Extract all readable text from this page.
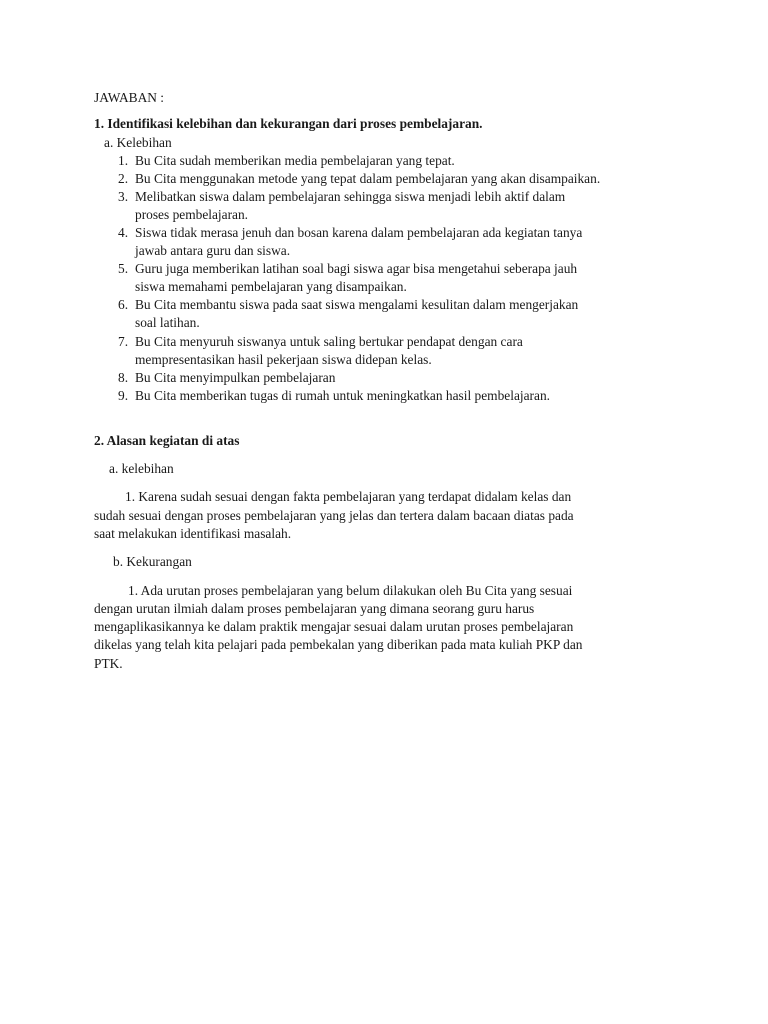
JAWABAN :
1. Identifikasi kelebihan dan kekurangan dari proses pembelajaran.
a. Kelebihan
1. Bu Cita sudah memberikan media pembelajaran yang tepat.
2. Bu Cita menggunakan metode yang tepat dalam pembelajaran yang akan disampaikan.
3. Melibatkan siswa dalam pembelajaran sehingga siswa menjadi lebih aktif dalam
proses pembelajaran.
4. Siswa tidak merasa jenuh dan bosan karena dalam pembelajaran ada kegiatan tanya
jawab antara guru dan siswa.
5. Guru juga memberikan latihan soal bagi siswa agar bisa mengetahui seberapa jauh
siswa memahami pembelajaran yang disampaikan.
6. Bu Cita membantu siswa pada saat siswa mengalami kesulitan dalam mengerjakan
soal latihan.
7. Bu Cita menyuruh siswanya untuk saling bertukar pendapat dengan cara
mempresentasikan hasil pekerjaan siswa didepan kelas.
8. Bu Cita menyimpulkan pembelajaran
9. Bu Cita memberikan tugas di rumah untuk meningkatkan hasil pembelajaran.
2. Alasan kegiatan di atas
a. kelebihan
1. Karena sudah sesuai dengan fakta pembelajaran yang terdapat didalam kelas dan
sudah sesuai dengan proses pembelajaran yang jelas dan tertera dalam bacaan diatas pada
saat melakukan identifikasi masalah.
b. Kekurangan
1. Ada urutan proses pembelajaran yang belum dilakukan oleh Bu Cita yang sesuai
dengan urutan ilmiah dalam proses pembelajaran yang dimana seorang guru harus
mengaplikasikannya ke dalam praktik mengajar sesuai dalam urutan proses pembelajaran
dikelas yang telah kita pelajari pada pembekalan yang diberikan pada mata kuliah PKP dan
PTK.
